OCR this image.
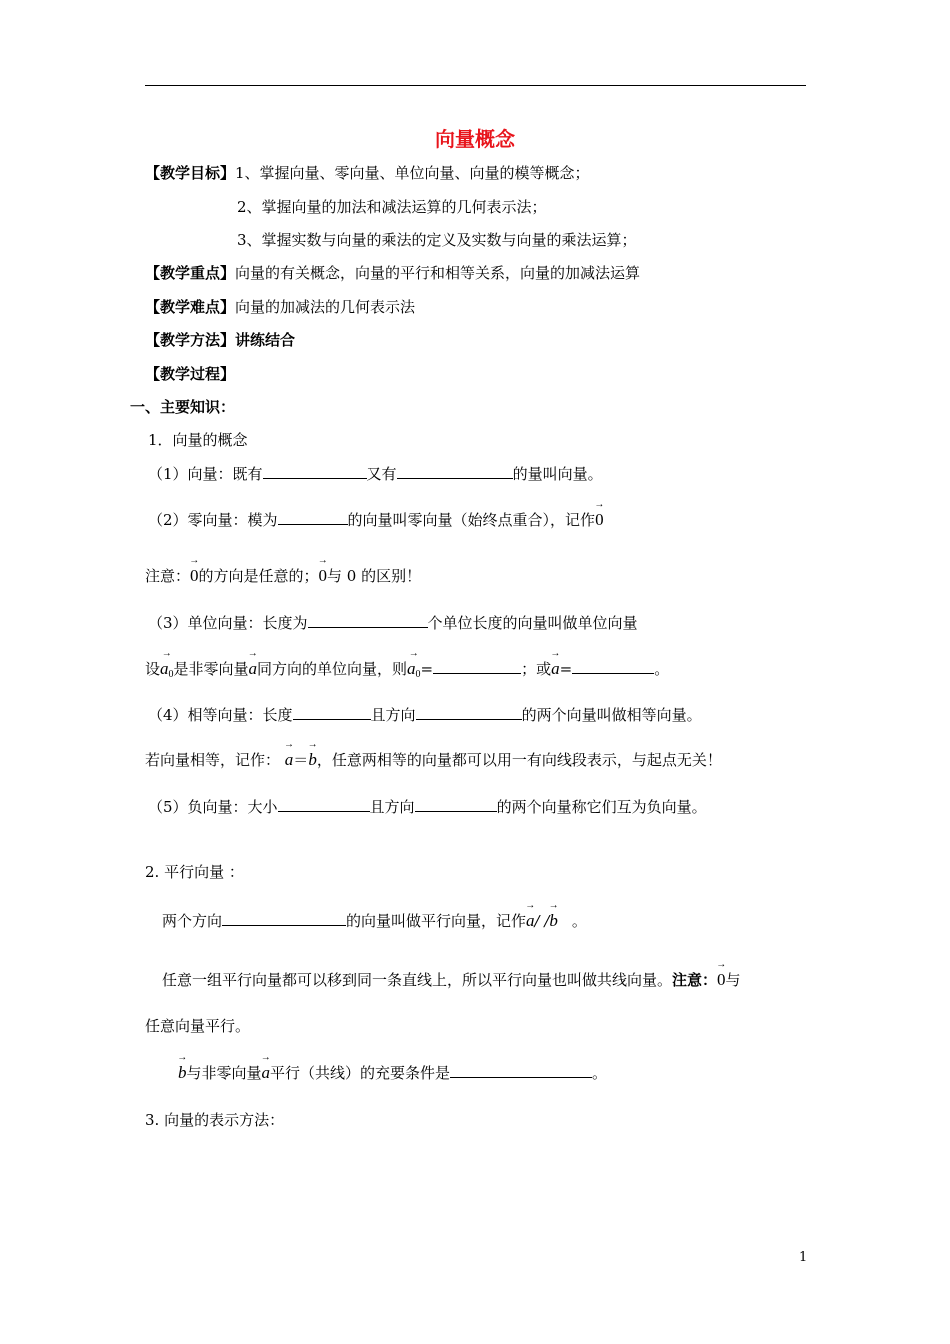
向量概念
【教学目标】1、掌握向量、零向量、单位向量、向量的模等概念；
2、掌握向量的加法和减法运算的几何表示法；
3、掌握实数与向量的乘法的定义及实数与向量的乘法运算；
【教学重点】向量的有关概念，向量的平行和相等关系，向量的加减法运算
【教学难点】向量的加减法的几何表示法
【教学方法】讲练结合
【教学过程】
一、主要知识：
1．向量的概念
（1）向量：既有	又有	的量叫向量。
（2）零向量：模为	的向量叫零向量（始终点重合），记作→ 0
注意：→ 0的方向是任意的；→ 0与 0 的区别！
（3）单位向量：长度为	个单位长度的向量叫做单位向量
设→ $a_0$是非零向量→ a同方向的单位向量，则→ $a_0=$	；或→ a=	。
（4）相等向量：长度	且方向	的两个向量叫做相等向量。
若向量相等，记作： → a＝→ b，任意两相等的向量都可以用一有向线段表示，与起点无关！
（5）负向量：大小	且方向	的两个向量称它们互为负向量。
2. 平行向量 ：
两个方向	的向量叫做平行向量，记作→ a/ /→ b 。
任意一组平行向量都可以移到同一条直线上，所以平行向量也叫做共线向量。注意：→ 0与
任意向量平行。
→ b与非零向量→ a平行（共线）的充要条件是	。
3. 向量的表示方法：
1
